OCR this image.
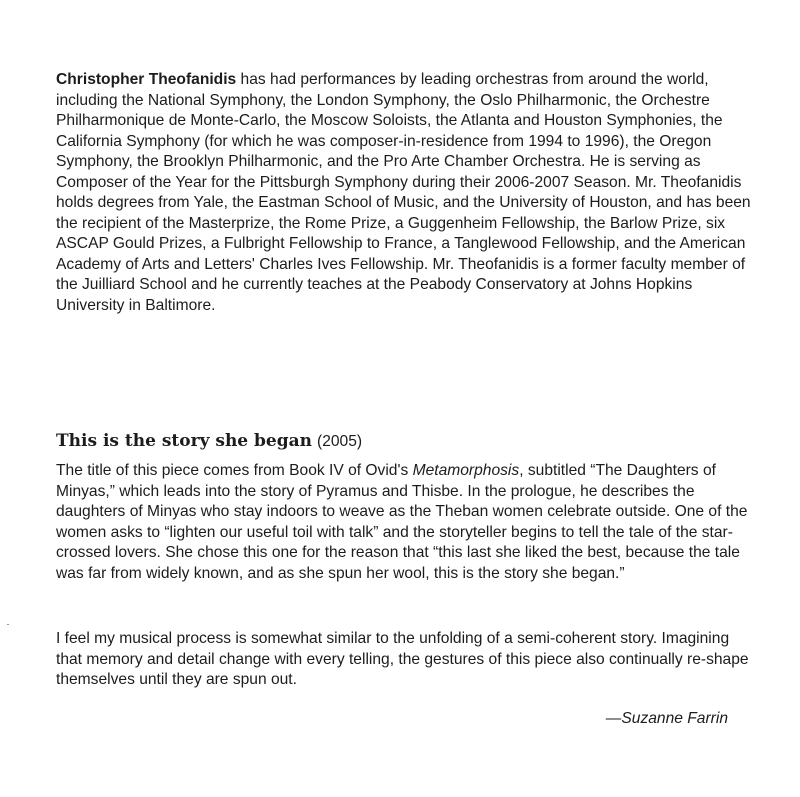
Christopher Theofanidis has had performances by leading orchestras from around the world, including the National Symphony, the London Symphony, the Oslo Philharmonic, the Orchestre Philharmonique de Monte-Carlo, the Moscow Soloists, the Atlanta and Houston Symphonies, the California Symphony (for which he was composer-in-residence from 1994 to 1996), the Oregon Symphony, the Brooklyn Philharmonic, and the Pro Arte Chamber Orchestra. He is serving as Composer of the Year for the Pittsburgh Symphony during their 2006-2007 Season. Mr. Theofanidis holds degrees from Yale, the Eastman School of Music, and the University of Houston, and has been the recipient of the Masterprize, the Rome Prize, a Guggenheim Fellowship, the Barlow Prize, six ASCAP Gould Prizes, a Fulbright Fellowship to France, a Tanglewood Fellowship, and the American Academy of Arts and Letters' Charles Ives Fellowship. Mr. Theofanidis is a former faculty member of the Juilliard School and he currently teaches at the Peabody Conservatory at Johns Hopkins University in Baltimore.

This is the story she began (2005)

The title of this piece comes from Book IV of Ovid's Metamorphosis, subtitled “The Daughters of Minyas,” which leads into the story of Pyramus and Thisbe. In the prologue, he describes the daughters of Minyas who stay indoors to weave as the Theban women celebrate outside. One of the women asks to “lighten our useful toil with talk” and the storyteller begins to tell the tale of the star-crossed lovers. She chose this one for the reason that “this last she liked the best, because the tale was far from widely known, and as she spun her wool, this is the story she began.”

I feel my musical process is somewhat similar to the unfolding of a semi-coherent story. Imagining that memory and detail change with every telling, the gestures of this piece also continually re-shape themselves until they are spun out.

—Suzanne Farrin
